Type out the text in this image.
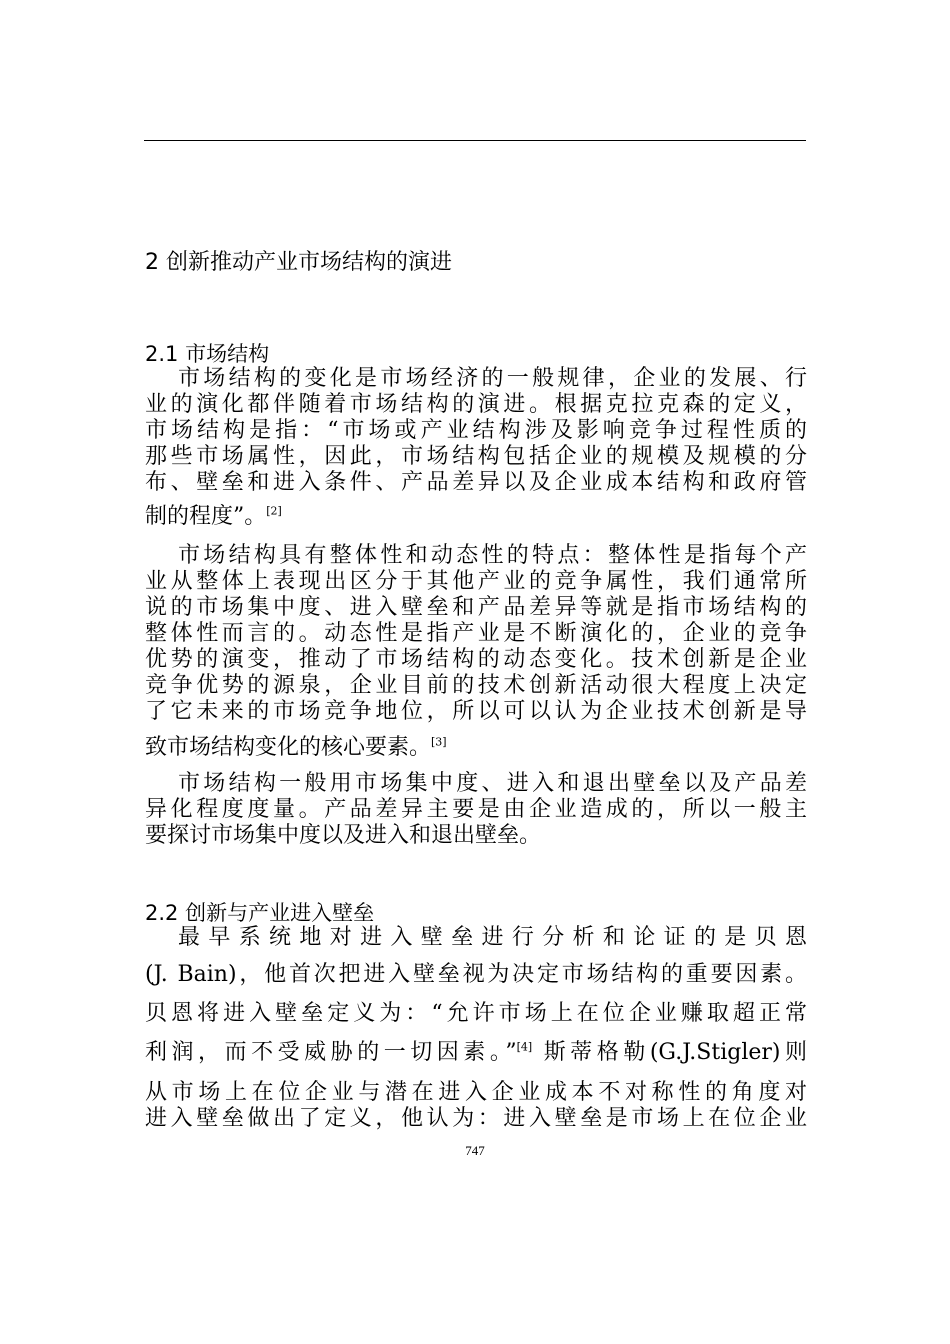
2 创新推动产业市场结构的演进
2.1 市场结构
市场结构的变化是市场经济的一般规律，企业的发展、行
业的演化都伴随着市场结构的演进。根据克拉克森的定义，
市场结构是指：“市场或产业结构涉及影响竞争过程性质的
那些市场属性，因此，市场结构包括企业的规模及规模的分
布、壁垒和进入条件、产品差异以及企业成本结构和政府管
制的程度”。[2]
市场结构具有整体性和动态性的特点：整体性是指每个产
业从整体上表现出区分于其他产业的竞争属性，我们通常所
说的市场集中度、进入壁垒和产品差异等就是指市场结构的
整体性而言的。动态性是指产业是不断演化的，企业的竞争
优势的演变，推动了市场结构的动态变化。技术创新是企业
竞争优势的源泉，企业目前的技术创新活动很大程度上决定
了它未来的市场竞争地位，所以可以认为企业技术创新是导
致市场结构变化的核心要素。[3]
市场结构一般用市场集中度、进入和退出壁垒以及产品差
异化程度度量。产品差异主要是由企业造成的，所以一般主
要探讨市场集中度以及进入和退出壁垒。
2.2 创新与产业进入壁垒
最 早 系 统 地 对 进 入 壁 垒 进 行 分 析 和 论 证 的 是 贝 恩
(J. Bain)，他首次把进入壁垒视为决定市场结构的重要因素。
贝恩将进入壁垒定义为：“允许市场上在位企业赚取超正常
利润，而不受威胁的一切因素。”[4] 斯蒂格勒(G.J.Stigler)则
从市场上在位企业与潜在进入企业成本不对称性的角度对
进入壁垒做出了定义，他认为：进入壁垒是市场上在位企业
747
